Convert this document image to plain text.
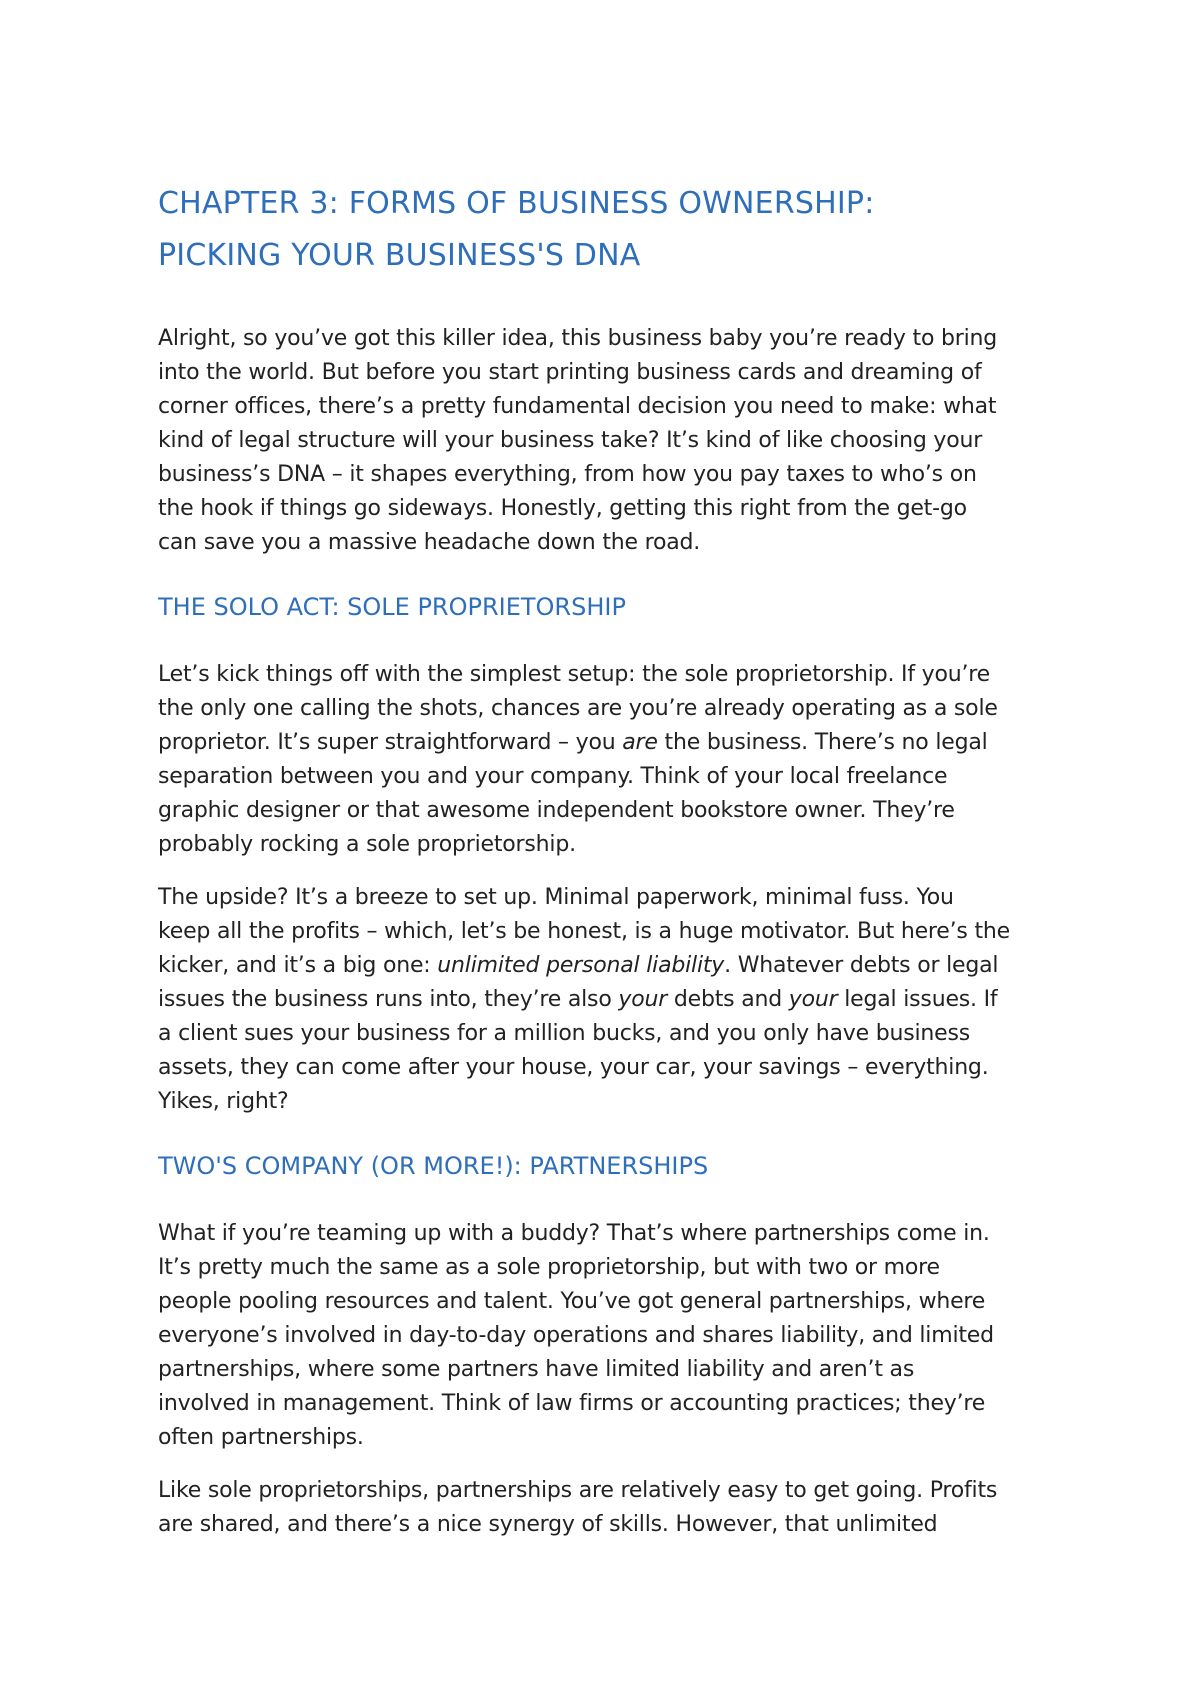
CHAPTER 3: FORMS OF BUSINESS OWNERSHIP:
PICKING YOUR BUSINESS'S DNA

Alright, so you’ve got this killer idea, this business baby you’re ready to bring
into the world. But before you start printing business cards and dreaming of
corner offices, there’s a pretty fundamental decision you need to make: what
kind of legal structure will your business take? It’s kind of like choosing your
business’s DNA – it shapes everything, from how you pay taxes to who’s on
the hook if things go sideways. Honestly, getting this right from the get-go
can save you a massive headache down the road.

THE SOLO ACT: SOLE PROPRIETORSHIP

Let’s kick things off with the simplest setup: the sole proprietorship. If you’re
the only one calling the shots, chances are you’re already operating as a sole
proprietor. It’s super straightforward – you are the business. There’s no legal
separation between you and your company. Think of your local freelance
graphic designer or that awesome independent bookstore owner. They’re
probably rocking a sole proprietorship.

The upside? It’s a breeze to set up. Minimal paperwork, minimal fuss. You
keep all the profits – which, let’s be honest, is a huge motivator. But here’s the
kicker, and it’s a big one: unlimited personal liability. Whatever debts or legal
issues the business runs into, they’re also your debts and your legal issues. If
a client sues your business for a million bucks, and you only have business
assets, they can come after your house, your car, your savings – everything.
Yikes, right?

TWO'S COMPANY (OR MORE!): PARTNERSHIPS

What if you’re teaming up with a buddy? That’s where partnerships come in.
It’s pretty much the same as a sole proprietorship, but with two or more
people pooling resources and talent. You’ve got general partnerships, where
everyone’s involved in day-to-day operations and shares liability, and limited
partnerships, where some partners have limited liability and aren’t as
involved in management. Think of law firms or accounting practices; they’re
often partnerships.

Like sole proprietorships, partnerships are relatively easy to get going. Profits
are shared, and there’s a nice synergy of skills. However, that unlimited
